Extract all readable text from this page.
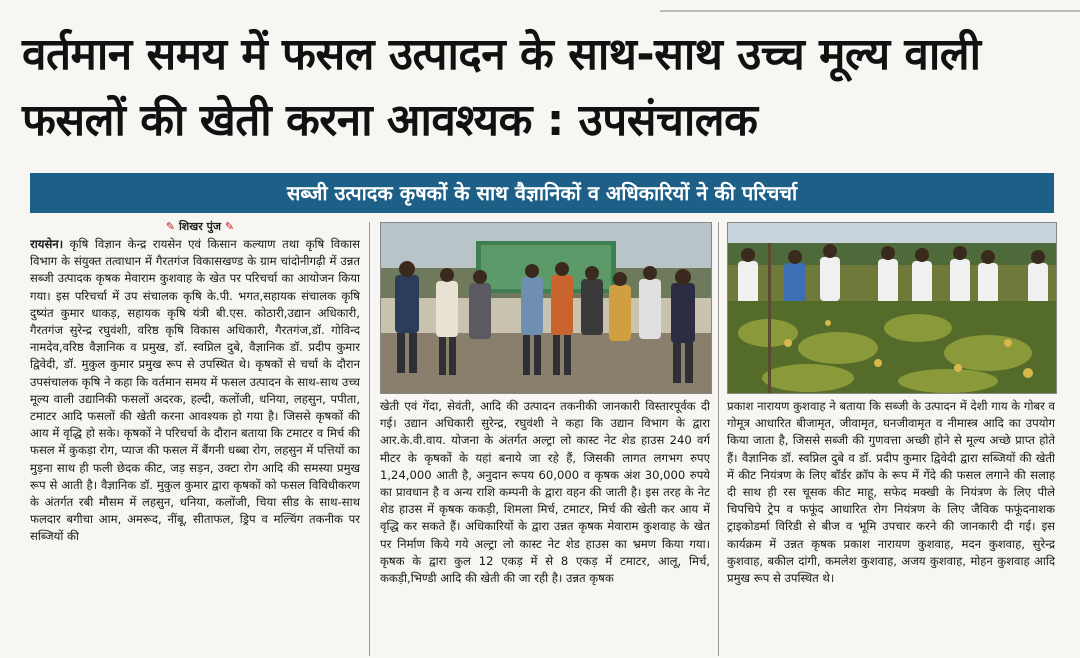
वर्तमान समय में फसल उत्पादन के साथ-साथ उच्च मूल्य वाली फसलों की खेती करना आवश्यक : उपसंचालक
सब्जी उत्पादक कृषकों के साथ वैज्ञानिकों व अधिकारियों ने की परिचर्चा
✎ शिखर पुंज ✎

रायसेन। कृषि विज्ञान केन्द्र रायसेन एवं किसान कल्याण तथा कृषि विकास विभाग के संयुक्त तत्वाधान में गैरतगंज विकासखण्ड के ग्राम चांदोनीगढ़ी में उन्नत सब्जी उत्पादक कृषक मेवाराम कुशवाह के खेत पर परिचर्चा का आयोजन किया गया। इस परिचर्चा में उप संचालक कृषि के.पी. भगत,सहायक संचालक कृषि दुष्यंत कुमार धाकड़, सहायक कृषि यंत्री बी.एस. कोठारी,उद्यान अधिकारी, गैरतगंज सुरेन्द्र रघुवंशी, वरिष्ठ कृषि विकास अधिकारी, गैरतगंज,डॉ. गोविन्द नामदेव,वरिष्ठ वैज्ञानिक व प्रमुख, डॉ. स्वप्निल दुबे, वैज्ञानिक डॉ. प्रदीप कुमार द्विवेदी, डॉ. मुकुल कुमार प्रमुख रूप से उपस्थित थे। कृषकों से चर्चा के दौरान उपसंचालक कृषि ने कहा कि वर्तमान समय में फसल उत्पादन के साथ-साथ उच्च मूल्य वाली उद्यानिकी फसलों अदरक, हल्दी, कलोंजी, धनिया, लहसुन, पपीता, टमाटर आदि फसलों की खेती करना आवश्यक हो गया है। जिससे कृषकों की आय में वृद्धि हो सके। कृषकों ने परिचर्चा के दौरान बताया कि टमाटर व मिर्च की फसल में कुकड़ा रोग, प्याज की फसल में बैंगनी धब्बा रोग, लहसुन में पत्तियों का मुड़ना साथ ही फली छेदक कीट, जड़ सड़न, उक्टा रोग आदि की समस्या प्रमुख रूप से आती है। वैज्ञानिक डॉ. मुकुल कुमार द्वारा कृषकों को फसल विविधीकरण के अंतर्गत रबी मौसम में लहसुन, धनिया, कलोंजी, चिया सीड के साथ-साथ फलदार बगीचा आम, अमरूद, नींबू, सीताफल, ड्रिप व मल्चिंग तकनीक पर सब्जियों की

खेती एवं गेंदा, सेवंती, आदि की उत्पादन तकनीकी जानकारी विस्तारपूर्वक दी गई। उद्यान अधिकारी सुरेन्द्र, रघुवंशी ने कहा कि उद्यान विभाग के द्वारा आर.के.वी.वाय. योजना के अंतर्गत अल्ट्रा लो कास्ट नेट शेड हाउस 240 वर्ग मीटर के कृषकों के यहां बनाये जा रहे हैं, जिसकी लागत लगभग रुपए 1,24,000 आती है, अनुदान रूपय 60,000 व कृषक अंश 30,000 रुपये का प्रावधान है व अन्य राशि कम्पनी के द्वारा वहन की जाती है। इस तरह के नेट शेड हाउस में कृषक ककड़ी, शिमला मिर्च, टमाटर, मिर्च की खेती कर आय में वृद्धि कर सकते हैं। अधिकारियों के द्वारा उन्नत कृषक मेवाराम कुशवाह के खेत पर निर्माण किये गये अल्ट्रा लो कास्ट नेट शेड हाउस का भ्रमण किया गया। कृषक के द्वारा कुल 12 एकड़ में से 8 एकड़ में टमाटर, आलू, मिर्च, ककड़ी,भिण्डी आदि की खेती की जा रही है। उन्नत कृषक

प्रकाश नारायण कुशवाह ने बताया कि सब्जी के उत्पादन में देशी गाय के गोबर व गोमूत्र आधारित बीजामृत, जीवामृत, घनजीवामृत व नीमास्त्र आदि का उपयोग किया जाता है, जिससे सब्जी की गुणवत्ता अच्छी होने से मूल्य अच्छे प्राप्त होते हैं। वैज्ञानिक डॉ. स्वप्निल दुबे व डॉ. प्रदीप कुमार द्विवेदी द्वारा सब्जियों की खेती में कीट नियंत्रण के लिए बॉर्डर क्रॉप के रूप में गेंदे की फसल लगाने की सलाह दी साथ ही रस चूसक कीट माहू, सफेद मक्खी के नियंत्रण के लिए पीले चिपचिपे ट्रेप व फफूंद आधारित रोग नियंत्रण के लिए जैविक फफूंदनाशक ट्राइकोडर्मा विरिडी से बीज व भूमि उपचार करने की जानकारी दी गई। इस कार्यक्रम में उन्नत कृषक प्रकाश नारायण कुशवाह, मदन कुशवाह, सुरेन्द्र कुशवाह, बकील दांगी, कमलेश कुशवाह, अजय कुशवाह, मोहन कुशवाह आदि प्रमुख रूप से उपस्थित थे।
